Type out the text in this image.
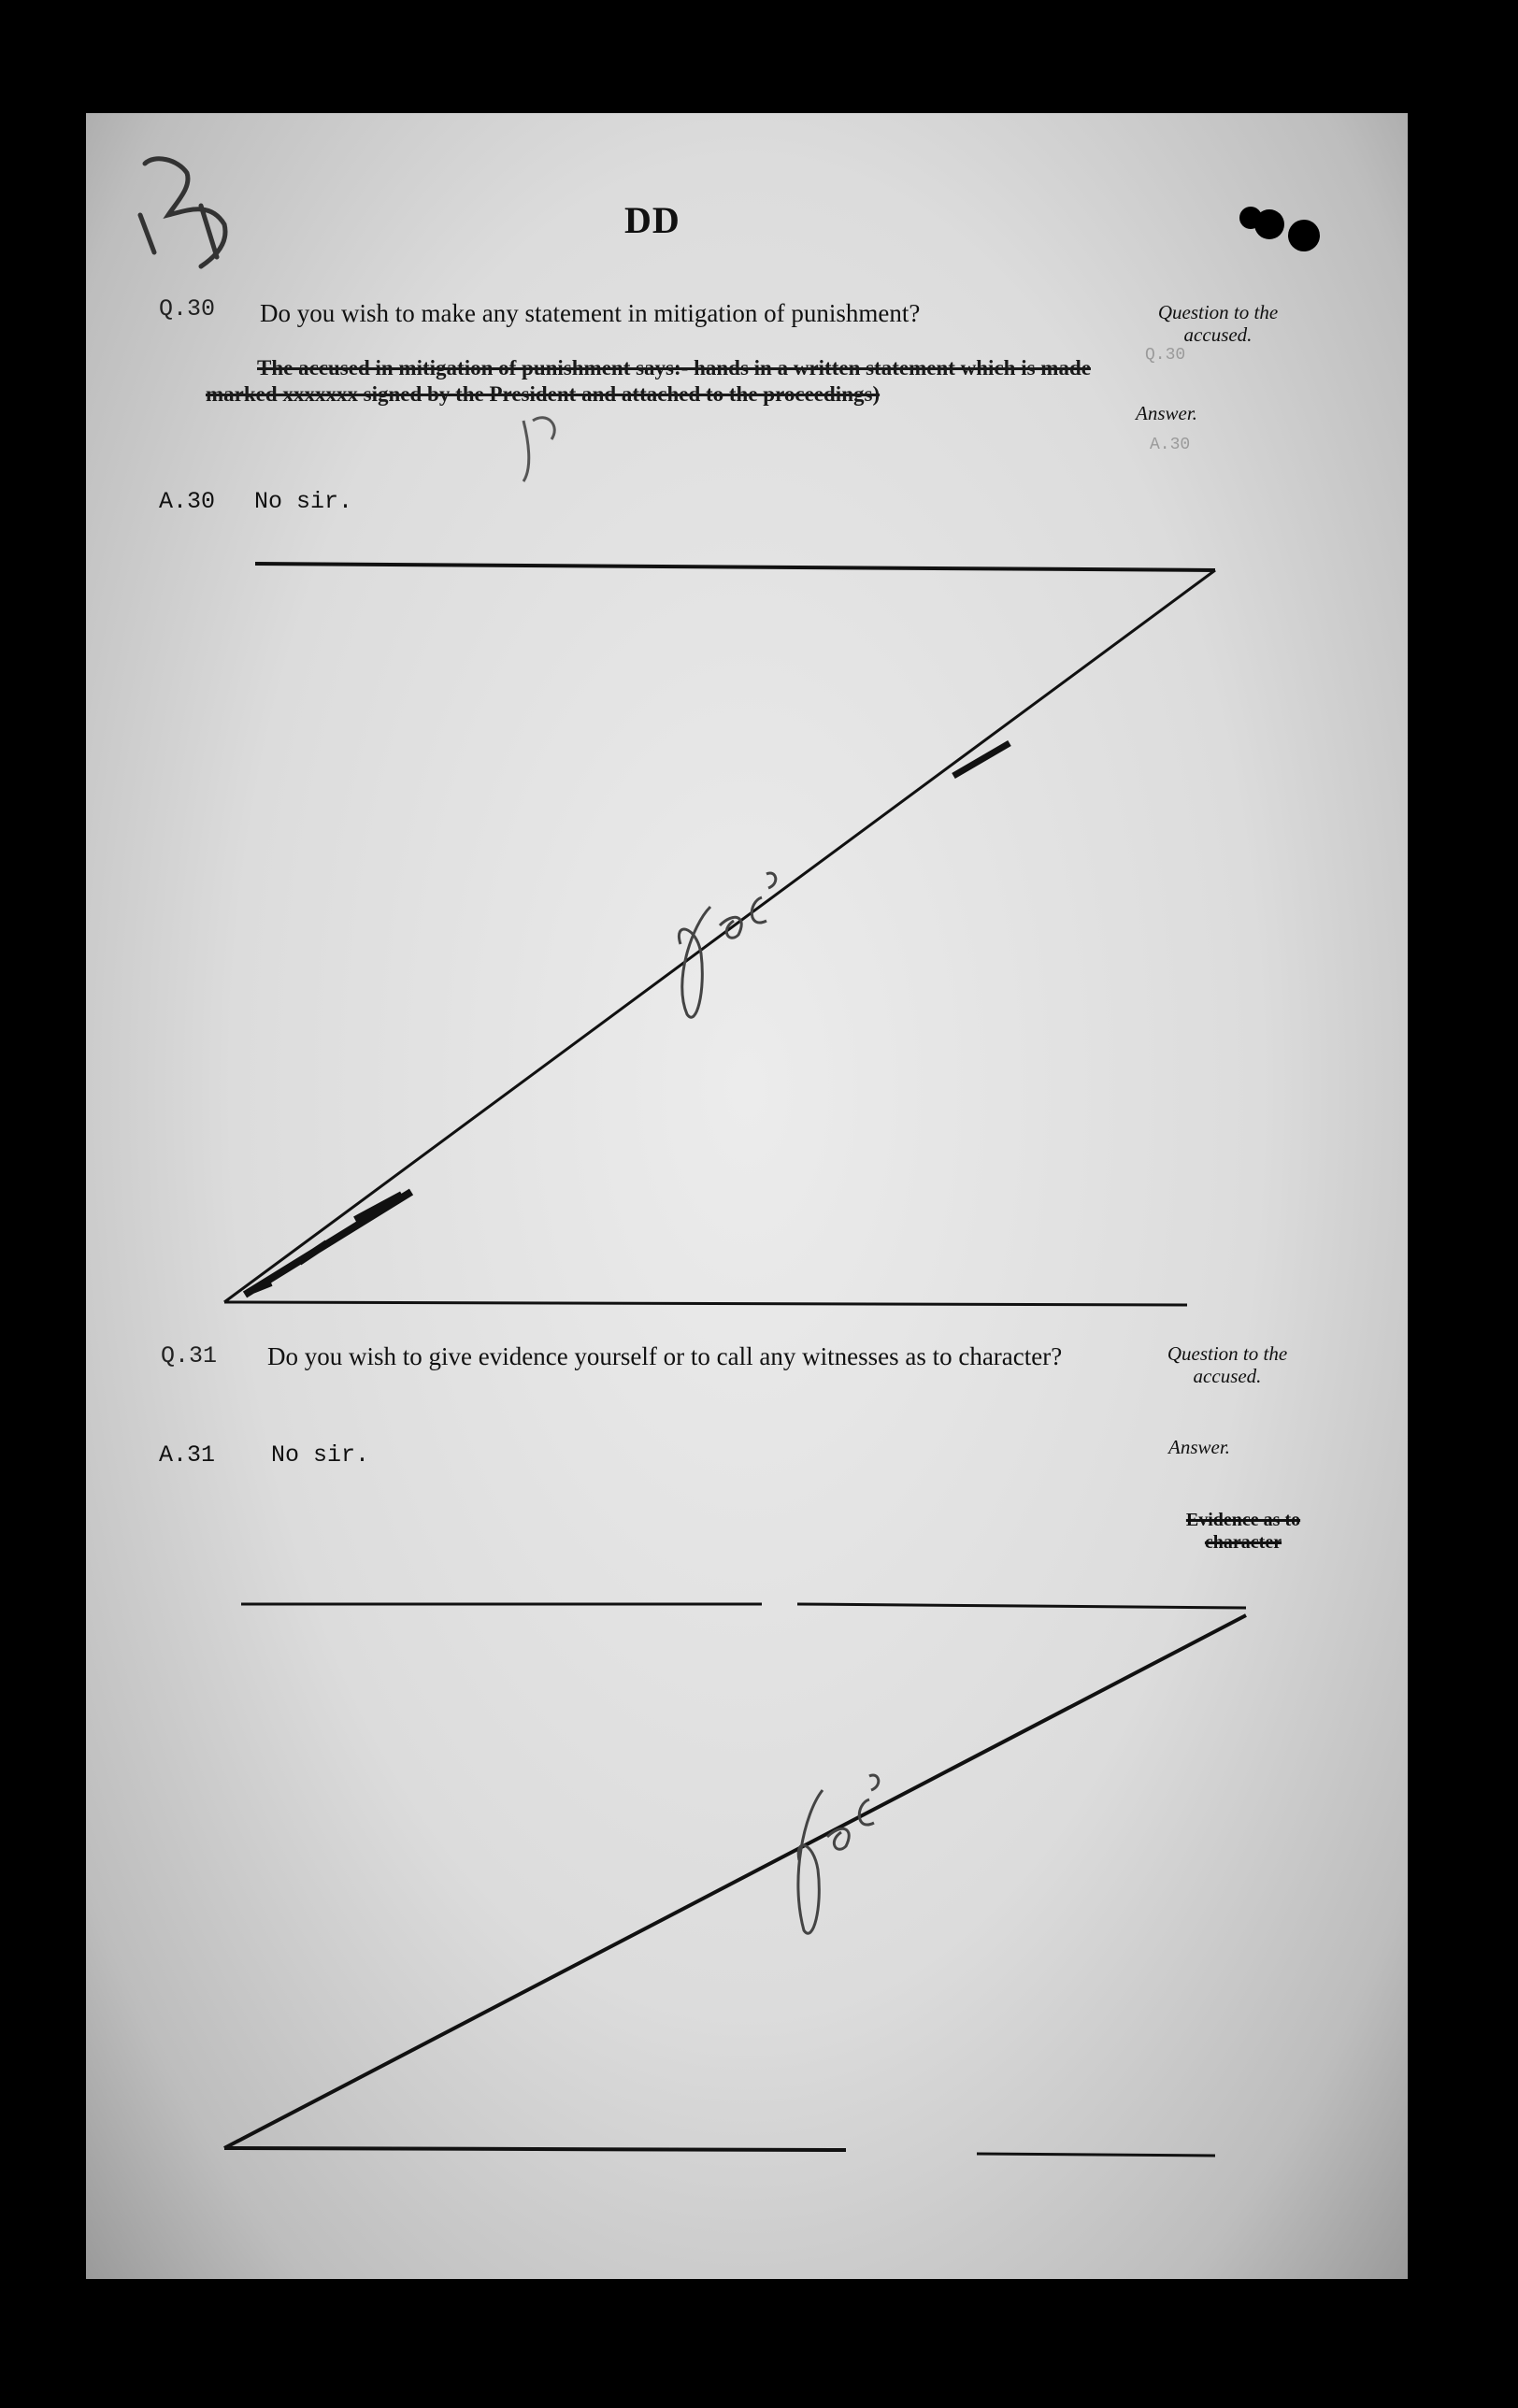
DD
Q.30 Do you wish to make any statement in mitigation of punishment?	Question to the accused.
Q.30
The accused in mitigation of punishment says:- hands in a written statement which is made marked xxxxxxx signed by the President and attached to the proceedings)
Answer.
A.30
A.30 No sir.
Q.31	Do you wish to give evidence yourself or to call any witnesses as to character?	Question to the accused.
Answer.
A.31 No sir.
Evidence as to character
